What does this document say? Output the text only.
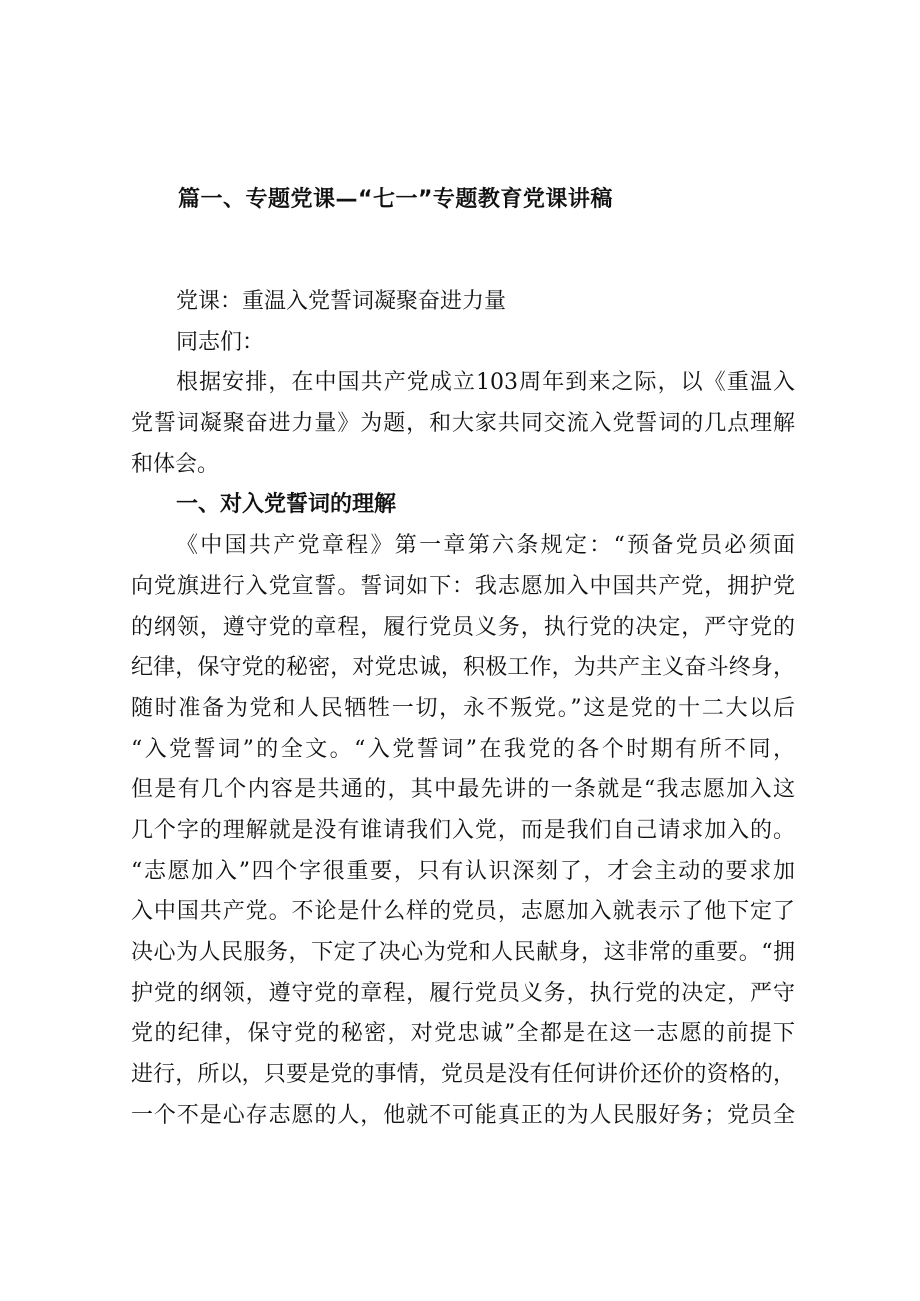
篇一、专题党课—“七一”专题教育党课讲稿
党课：重温入党誓词凝聚奋进力量
同志们：
根据安排，在中国共产党成立103周年到来之际，以《重温入
党誓词凝聚奋进力量》为题，和大家共同交流入党誓词的几点理解
和体会。
一、对入党誓词的理解
《中国共产党章程》第一章第六条规定：“预备党员必须面
向党旗进行入党宣誓。誓词如下：我志愿加入中国共产党，拥护党
的纲领，遵守党的章程，履行党员义务，执行党的决定，严守党的
纪律，保守党的秘密，对党忠诚，积极工作，为共产主义奋斗终身，
随时准备为党和人民牺牲一切，永不叛党。”这是党的十二大以后
“入党誓词”的全文。“入党誓词”在我党的各个时期有所不同，
但是有几个内容是共通的，其中最先讲的一条就是“我志愿加入这
几个字的理解就是没有谁请我们入党，而是我们自己请求加入的。
“志愿加入”四个字很重要，只有认识深刻了，才会主动的要求加
入中国共产党。不论是什么样的党员，志愿加入就表示了他下定了
决心为人民服务，下定了决心为党和人民献身，这非常的重要。“拥
护党的纲领，遵守党的章程，履行党员义务，执行党的决定，严守
党的纪律，保守党的秘密，对党忠诚”全都是在这一志愿的前提下
进行，所以，只要是党的事情，党员是没有任何讲价还价的资格的，
一个不是心存志愿的人，他就不可能真正的为人民服好务；党员全
